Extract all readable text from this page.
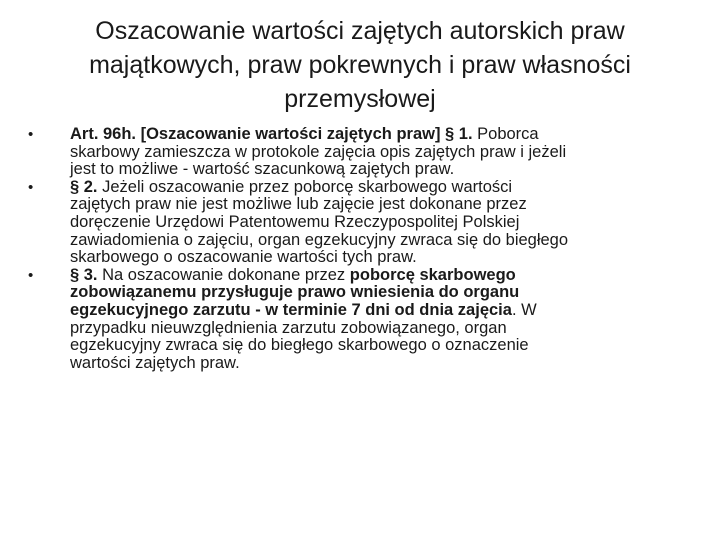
Oszacowanie wartości zajętych autorskich praw
majątkowych, praw pokrewnych i praw własności
przemysłowej
• Art. 96h. [Oszacowanie wartości zajętych praw] § 1. Poborca
skarbowy zamieszcza w protokole zajęcia opis zajętych praw i jeżeli
jest to możliwe - wartość szacunkową zajętych praw.
• § 2. Jeżeli oszacowanie przez poborcę skarbowego wartości
zajętych praw nie jest możliwe lub zajęcie jest dokonane przez
doręczenie Urzędowi Patentowemu Rzeczypospolitej Polskiej
zawiadomienia o zajęciu, organ egzekucyjny zwraca się do biegłego
skarbowego o oszacowanie wartości tych praw.
• § 3. Na oszacowanie dokonane przez poborcę skarbowego
zobowiązanemu przysługuje prawo wniesienia do organu
egzekucyjnego zarzutu - w terminie 7 dni od dnia zajęcia. W
przypadku nieuwzględnienia zarzutu zobowiązanego, organ
egzekucyjny zwraca się do biegłego skarbowego o oznaczenie
wartości zajętych praw.
